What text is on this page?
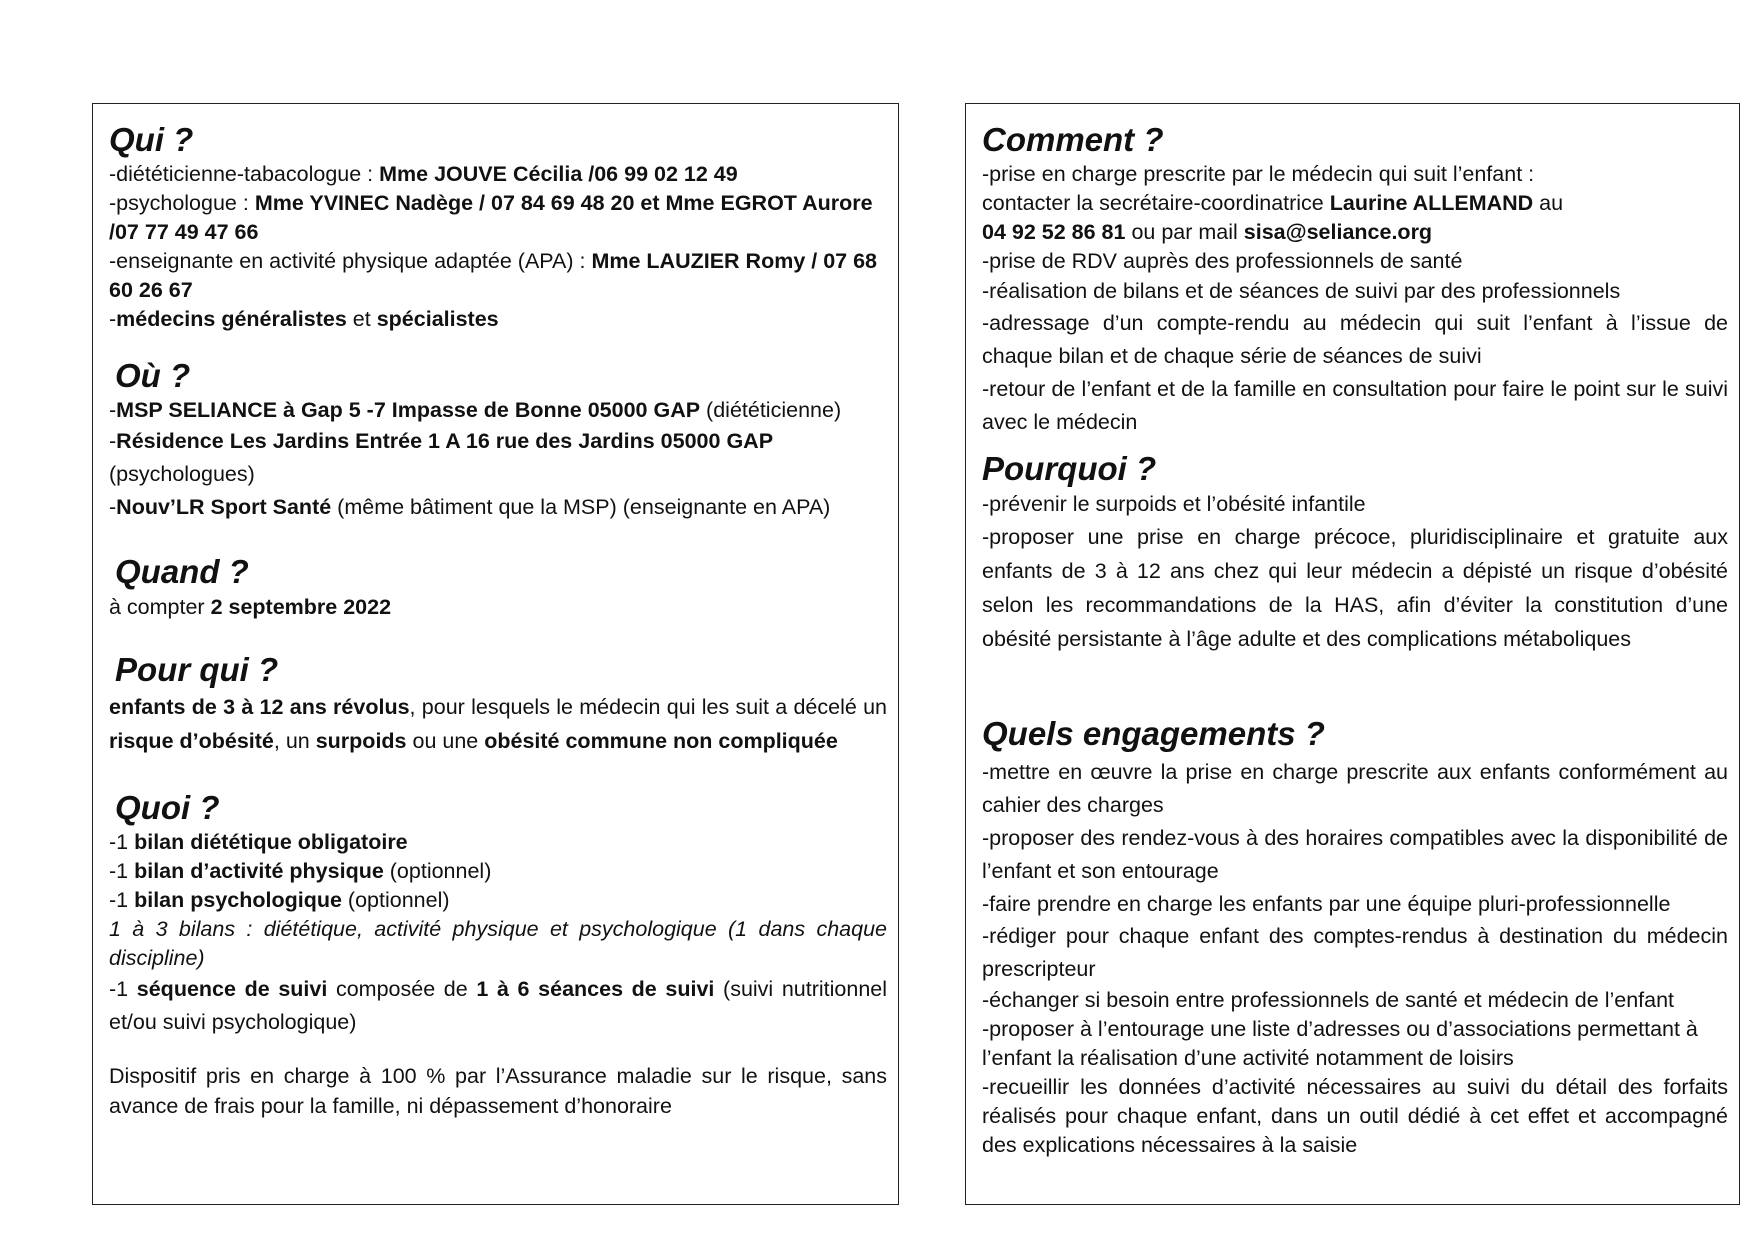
Qui ?

-diététicienne-tabacologue : Mme JOUVE Cécilia /06 99 02 12 49

-psychologue : Mme YVINEC Nadège / 07 84 69 48 20 et Mme EGROT Aurore /07 77 49 47 66

-enseignante en activité physique adaptée (APA) : Mme LAUZIER Romy / 07 68 60 26 67

-médecins généralistes et spécialistes

Où ?

-MSP SELIANCE à Gap 5 -7 Impasse de Bonne 05000 GAP (diététicienne)

-Résidence Les Jardins Entrée 1 A 16 rue des Jardins 05000 GAP (psychologues)

-Nouv’LR Sport Santé (même bâtiment que la MSP) (enseignante en APA)

Quand ?

à compter 2 septembre 2022

Pour qui ?

enfants de 3 à 12 ans révolus, pour lesquels le médecin qui les suit a décelé un risque d’obésité, un surpoids ou une obésité commune non compliquée

Quoi ?

-1 bilan diététique obligatoire

-1 bilan d’activité physique (optionnel)

-1 bilan psychologique (optionnel)

1 à 3 bilans : diététique, activité physique et psychologique (1 dans chaque discipline)

-1 séquence de suivi composée de 1 à 6 séances de suivi (suivi nutritionnel et/ou suivi psychologique)

Dispositif pris en charge à 100 % par l’Assurance maladie sur le risque, sans avance de frais pour la famille, ni dépassement d’honoraire

Comment ?

-prise en charge prescrite par le médecin qui suit l’enfant :

contacter la secrétaire-coordinatrice Laurine ALLEMAND au

04 92 52 86 81 ou par mail sisa@seliance.org

-prise de RDV auprès des professionnels de santé

-réalisation de bilans et de séances de suivi par des professionnels

-adressage d’un compte-rendu au médecin qui suit l’enfant à l’issue de chaque bilan et de chaque série de séances de suivi

-retour de l’enfant et de la famille en consultation pour faire le point sur le suivi avec le médecin

Pourquoi ?

-prévenir le surpoids et l’obésité infantile

-proposer une prise en charge précoce, pluridisciplinaire et gratuite aux enfants de 3 à 12 ans chez qui leur médecin a dépisté un risque d’obésité selon les recommandations de la HAS, afin d’éviter la constitution d’une obésité persistante à l’âge adulte et des complications métaboliques

Quels engagements ?

-mettre en œuvre la prise en charge prescrite aux enfants conformément au cahier des charges

-proposer des rendez-vous à des horaires compatibles avec la disponibilité de l’enfant et son entourage

-faire prendre en charge les enfants par une équipe pluri-professionnelle

-rédiger pour chaque enfant des comptes-rendus à destination du médecin prescripteur

-échanger si besoin entre professionnels de santé et médecin de l’enfant

-proposer à l’entourage une liste d’adresses ou d’associations permettant à l’enfant la réalisation d’une activité notamment de loisirs

-recueillir les données d’activité nécessaires au suivi du détail des forfaits réalisés pour chaque enfant, dans un outil dédié à cet effet et accompagné des explications nécessaires à la saisie
